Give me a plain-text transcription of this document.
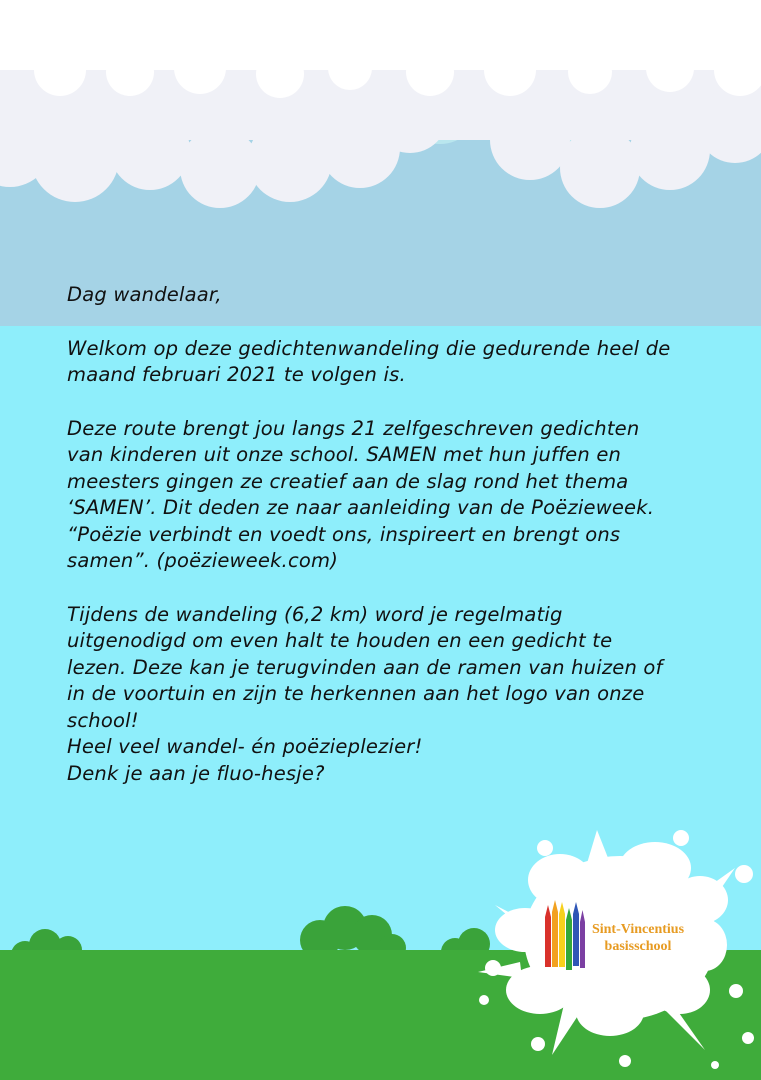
Dag wandelaar,

Welkom op deze gedichtenwandeling die gedurende heel de
maand februari 2021 te volgen is.

Deze route brengt jou langs 21 zelfgeschreven gedichten
van kinderen uit onze school. SAMEN met hun juffen en
meesters gingen ze creatief aan de slag rond het thema
‘SAMEN’. Dit deden ze naar aanleiding van de Poëzieweek.
“Poëzie verbindt en voedt ons, inspireert en brengt ons
samen”. (poëzieweek.com)

Tijdens de wandeling (6,2 km) word je regelmatig
uitgenodigd om even halt te houden en een gedicht te
lezen. Deze kan je terugvinden aan de ramen van huizen of
in de voortuin en zijn te herkennen aan het logo van onze
school!

Heel veel wandel- én poëzieplezier!

Denk je aan je fluo-hesje?

Sint-Vincentius
basisschool
